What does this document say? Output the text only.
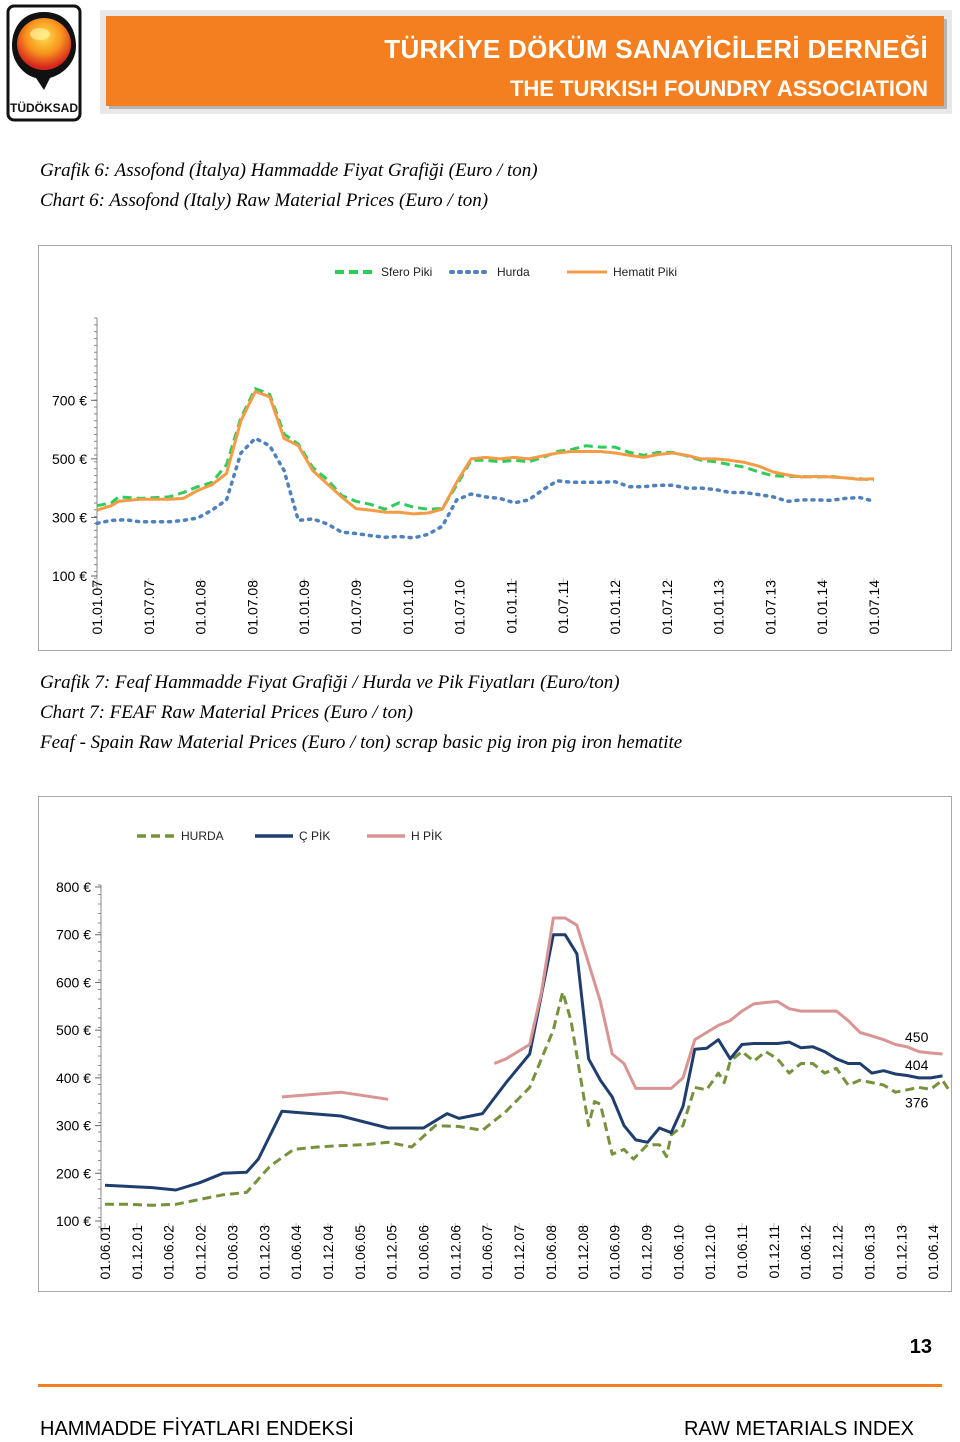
TÜDÖKSAD
TÜRKİYE DÖKÜM SANAYİCİLERİ DERNEĞİ
THE TURKISH FOUNDRY ASSOCIATION
Grafik 6: Assofond (İtalya) Hammadde Fiyat Grafiği (Euro / ton)
Chart 6: Assofond (Italy) Raw Material Prices (Euro / ton)
Sfero Piki	Hurda	Hematit Piki
100 €
300 €
500 €
700 €
01.01.07	01.07.07	01.01.08	01.07.08	01.01.09	01.07.09	01.01.10	01.07.10	01.01.11	01.07.11	01.01.12	01.07.12	01.01.13	01.07.13	01.01.14	01.07.14
Grafik 7: Feaf Hammadde Fiyat Grafiği / Hurda ve Pik Fiyatları (Euro/ton)
Chart 7: FEAF Raw Material Prices (Euro / ton)
Feaf - Spain Raw Material Prices (Euro / ton) scrap basic pig iron pig iron hematite
HURDA	Ç PİK	H PİK
100 €
200 €
300 €
400 €
500 €
600 €
700 €
800 €
01.06.01 01.12.01 01.06.02 01.12.02 01.06.03 01.12.03 01.06.04 01.12.04 01.06.05 01.12.05 01.06.06 01.12.06 01.06.07 01.12.07 01.06.08 01.12.08 01.06.09 01.12.09 01.06.10 01.12.10 01.06.11 01.12.11 01.06.12 01.12.12 01.06.13 01.12.13 01.06.14
450
404
376
13
HAMMADDE FİYATLARI ENDEKSİ	RAW METARIALS INDEX
